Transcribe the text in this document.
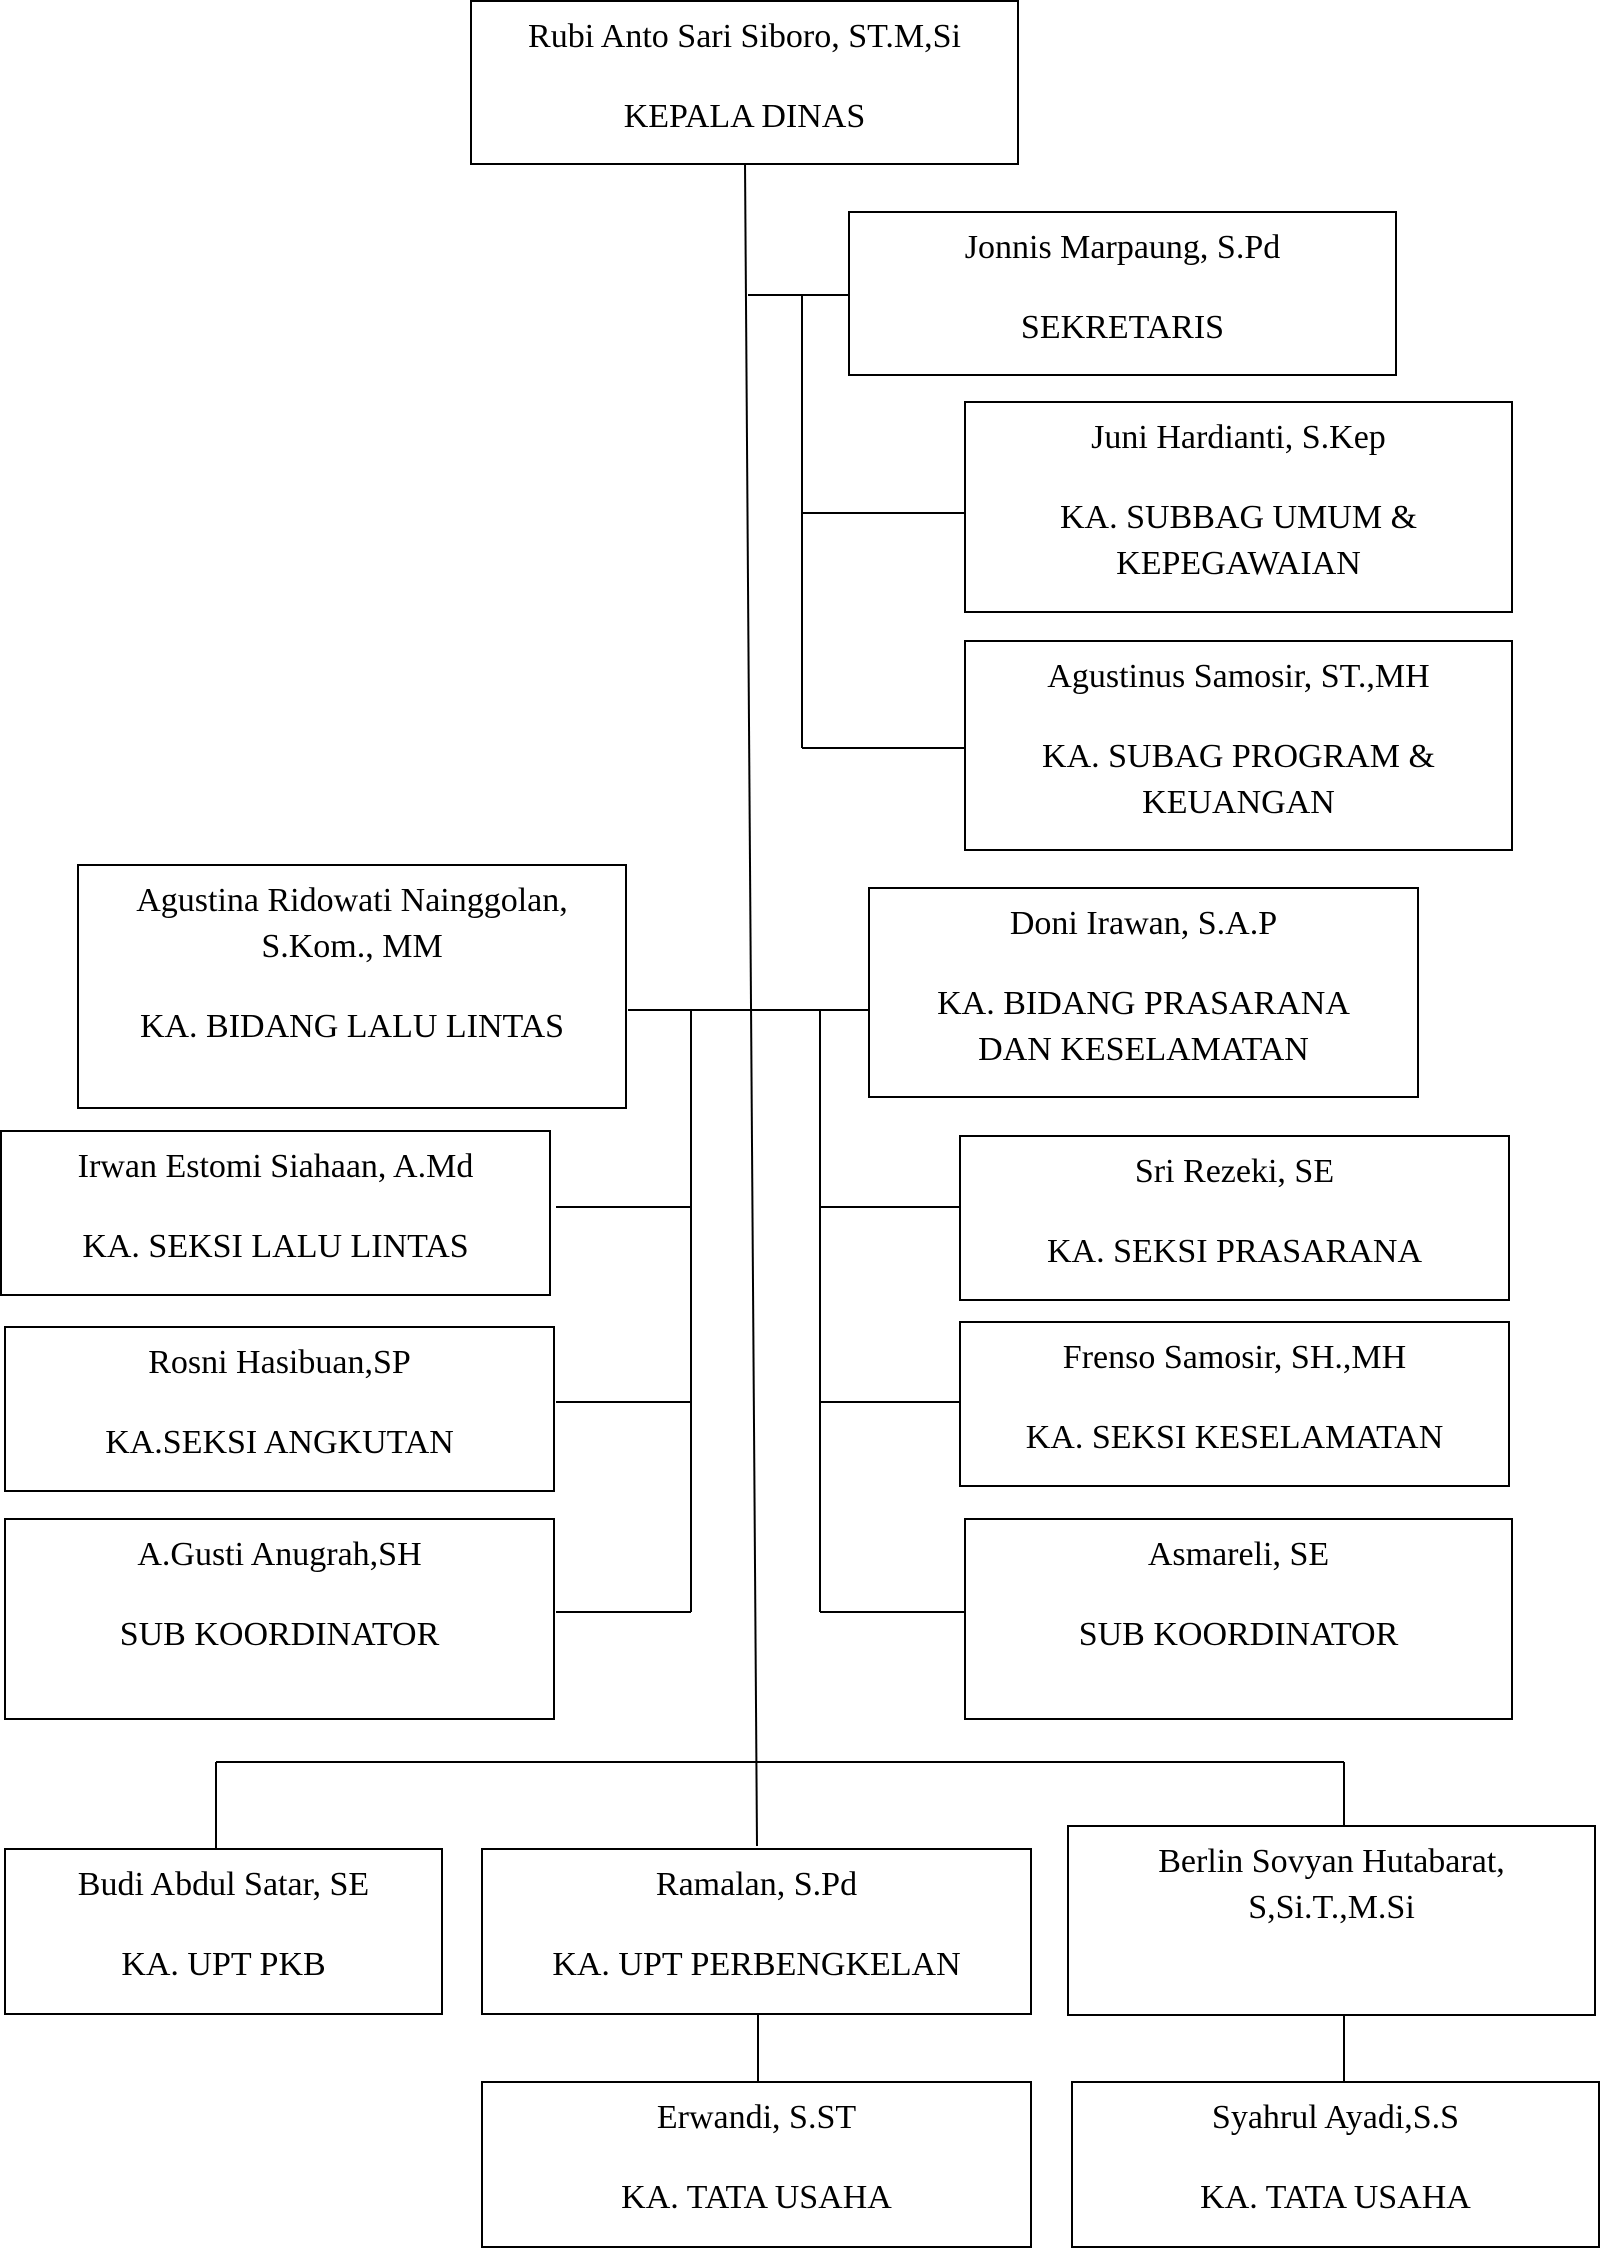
Rubi Anto Sari Siboro, ST.M,Si
KEPALA DINAS
Jonnis Marpaung, S.Pd
SEKRETARIS
Juni Hardianti, S.Kep
KA. SUBBAG UMUM &
KEPEGAWAIAN
Agustinus Samosir, ST.,MH
KA. SUBAG PROGRAM &
KEUANGAN
Agustina Ridowati Nainggolan,
S.Kom., MM
KA. BIDANG LALU LINTAS
Doni Irawan, S.A.P
KA. BIDANG PRASARANA
DAN KESELAMATAN
Irwan Estomi Siahaan, A.Md
KA. SEKSI LALU LINTAS
Rosni Hasibuan,SP
KA.SEKSI ANGKUTAN
A.Gusti Anugrah,SH
SUB KOORDINATOR
Sri Rezeki, SE
KA. SEKSI PRASARANA
Frenso Samosir, SH.,MH
KA. SEKSI KESELAMATAN
Asmareli, SE
SUB KOORDINATOR
Budi Abdul Satar, SE
KA. UPT PKB
Ramalan, S.Pd
KA. UPT PERBENGKELAN
Berlin Sovyan Hutabarat,
S,Si.T.,M.Si
Erwandi, S.ST
KA. TATA USAHA
Syahrul Ayadi,S.S
KA. TATA USAHA
